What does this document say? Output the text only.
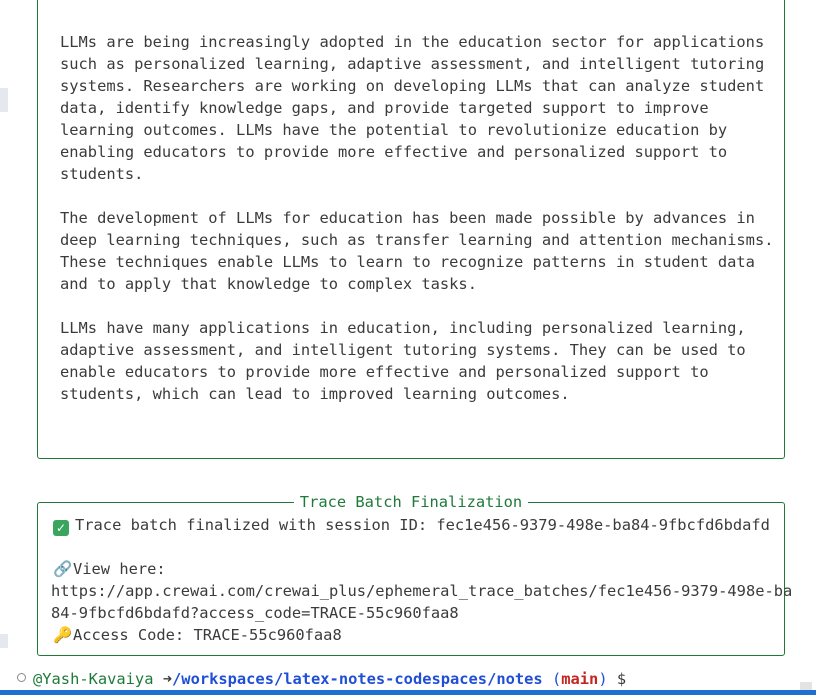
LLMs are being increasingly adopted in the education sector for applications
such as personalized learning, adaptive assessment, and intelligent tutoring
systems. Researchers are working on developing LLMs that can analyze student
data, identify knowledge gaps, and provide targeted support to improve
learning outcomes. LLMs have the potential to revolutionize education by
enabling educators to provide more effective and personalized support to
students.
The development of LLMs for education has been made possible by advances in
deep learning techniques, such as transfer learning and attention mechanisms.
These techniques enable LLMs to learn to recognize patterns in student data
and to apply that knowledge to complex tasks.
LLMs have many applications in education, including personalized learning,
adaptive assessment, and intelligent tutoring systems. They can be used to
enable educators to provide more effective and personalized support to
students, which can lead to improved learning outcomes.
Trace Batch Finalization
✓ Trace batch finalized with session ID: fec1e456-9379-498e-ba84-9fbcfd6bdafd
🔗View here:
https://app.crewai.com/crewai_plus/ephemeral_trace_batches/fec1e456-9379-498e-ba
84-9fbcfd6bdafd?access_code=TRACE-55c960faa8
🔑Access Code: TRACE-55c960faa8
@Yash-Kavaiya ➜/workspaces/latex-notes-codespaces/notes (main) $
